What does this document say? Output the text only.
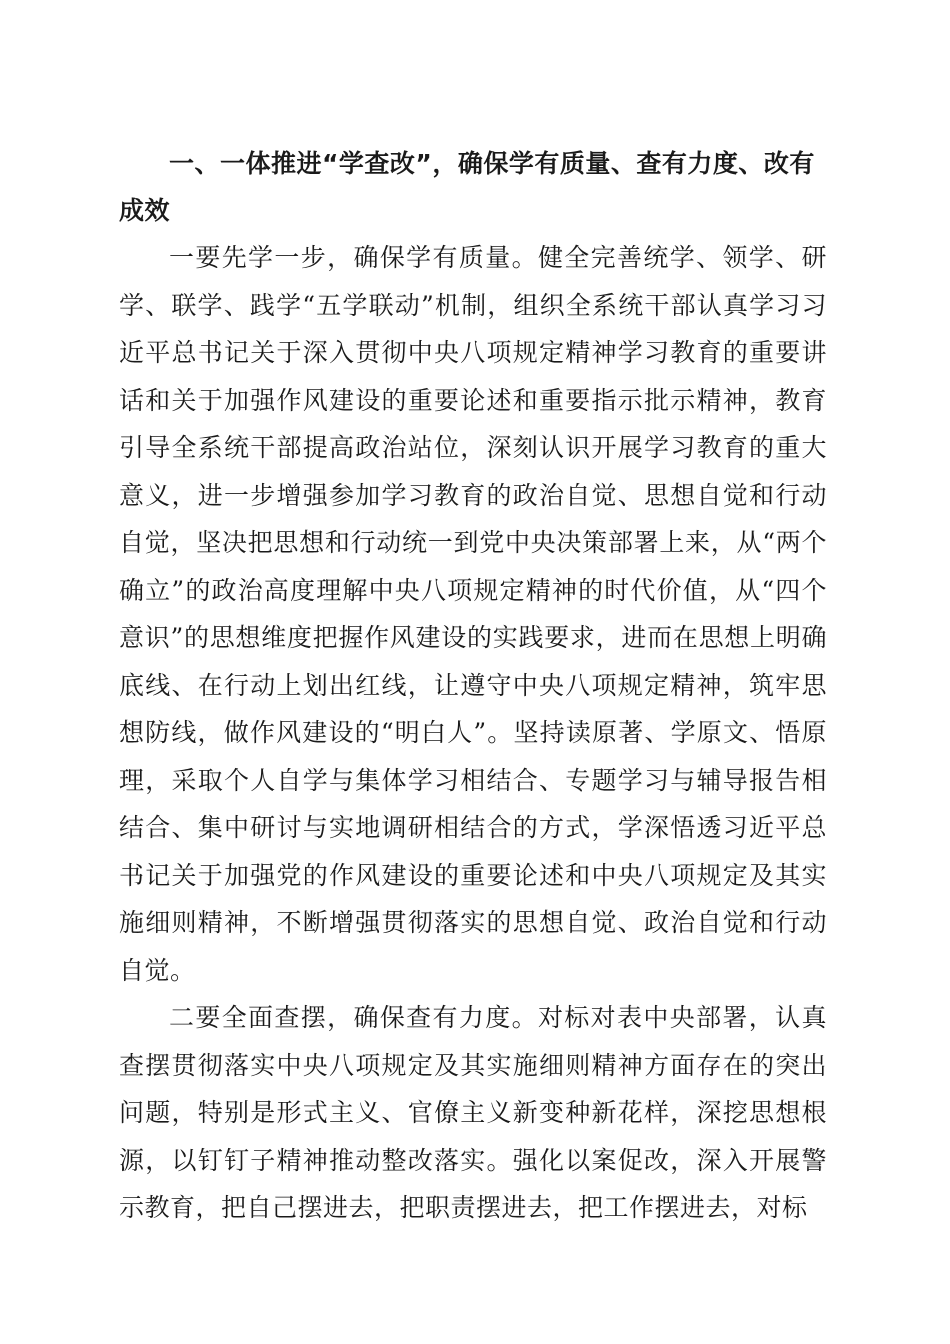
一、一体推进“学查改”，确保学有质量、查有力度、改有成效

一要先学一步，确保学有质量。健全完善统学、领学、研学、联学、践学“五学联动”机制，组织全系统干部认真学习习近平总书记关于深入贯彻中央八项规定精神学习教育的重要讲话和关于加强作风建设的重要论述和重要指示批示精神，教育引导全系统干部提高政治站位，深刻认识开展学习教育的重大意义，进一步增强参加学习教育的政治自觉、思想自觉和行动自觉，坚决把思想和行动统一到党中央决策部署上来，从“两个确立”的政治高度理解中央八项规定精神的时代价值，从“四个意识”的思想维度把握作风建设的实践要求，进而在思想上明确底线、在行动上划出红线，让遵守中央八项规定精神，筑牢思想防线，做作风建设的“明白人”。坚持读原著、学原文、悟原理，采取个人自学与集体学习相结合、专题学习与辅导报告相结合、集中研讨与实地调研相结合的方式，学深悟透习近平总书记关于加强党的作风建设的重要论述和中央八项规定及其实施细则精神，不断增强贯彻落实的思想自觉、政治自觉和行动自觉。

二要全面查摆，确保查有力度。对标对表中央部署，认真查摆贯彻落实中央八项规定及其实施细则精神方面存在的突出问题，特别是形式主义、官僚主义新变种新花样，深挖思想根源，以钉钉子精神推动整改落实。强化以案促改，深入开展警示教育，把自己摆进去，把职责摆进去，把工作摆进去，对标
